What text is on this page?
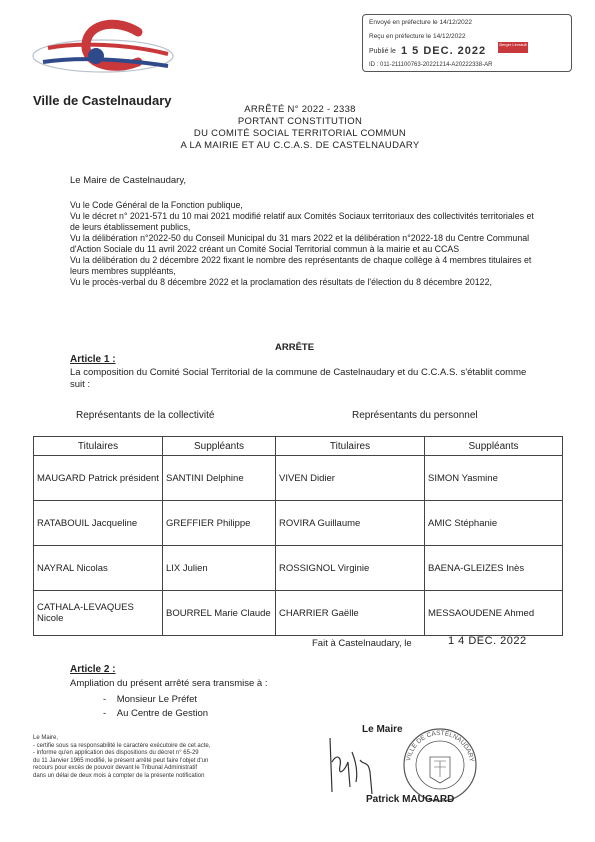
Ville de Castelnaudary
Envoyé en préfecture le 14/12/2022
Reçu en préfecture le 14/12/2022
Publié le 1 5 DEC. 2022
Berger Levrault
ID : 011-211100763-20221214-A20222338-AR
ARRÊTÉ N° 2022 - 2338
PORTANT CONSTITUTION
DU COMITÉ SOCIAL TERRITORIAL COMMUN
A LA MAIRIE ET AU C.C.A.S. DE CASTELNAUDARY
Le Maire de Castelnaudary,
Vu le Code Général de la Fonction publique,
Vu le décret n° 2021-571 du 10 mai 2021 modifié relatif aux Comités Sociaux territoriaux des collectivités territoriales et de leurs établissement publics,
Vu la délibération n°2022-50 du Conseil Municipal du 31 mars 2022 et la délibération n°2022-18 du Centre Communal d'Action Sociale du 11 avril 2022 créant un Comité Social Territorial commun à la mairie et au CCAS
Vu la délibération du 2 décembre 2022 fixant le nombre des représentants de chaque collège à 4 membres titulaires et leurs membres suppléants,
Vu le procès-verbal du 8 décembre 2022 et la proclamation des résultats de l'élection du 8 décembre 20122,
ARRÊTE
Article 1 :
La composition du Comité Social Territorial de la commune de Castelnaudary et du C.C.A.S. s'établit comme suit :
Représentants de la collectivité	Représentants du personnel
Titulaires	Suppléants	Titulaires	Suppléants
MAUGARD Patrick président	SANTINI Delphine	VIVEN Didier	SIMON Yasmine
RATABOUIL Jacqueline	GREFFIER Philippe	ROVIRA Guillaume	AMIC Stéphanie
NAYRAL Nicolas	LIX Julien	ROSSIGNOL Virginie	BAENA-GLEIZES Inès
CATHALA-LEVAQUES Nicole	BOURREL Marie Claude	CHARRIER Gaëlle	MESSAOUDENE Ahmed
Fait à Castelnaudary, le	1 4 DEC. 2022
Article 2 :
Ampliation du présent arrêté sera transmise à :
-    Monsieur Le Préfet
-    Au Centre de Gestion
Le Maire,
- certifie sous sa responsabilité le caractère exécutoire de cet acte,
- informe qu'en application des dispositions du décret n° 65-29
du 11 Janvier 1965 modifié, le présent arrêté peut faire l'objet d'un
recours pour excès de pouvoir devant le Tribunal Administratif
dans un délai de deux mois à compter de la présente notification
VILLE DE CASTELNAUDARY
Le Maire
Patrick MAUGARD
